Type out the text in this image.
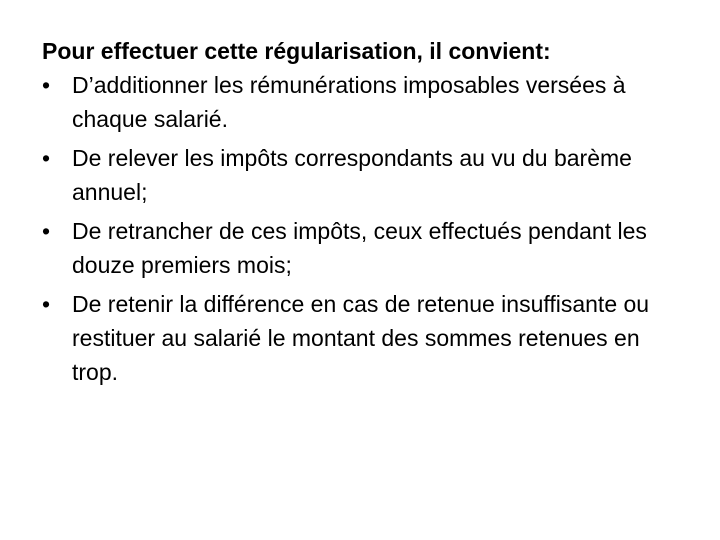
Pour effectuer cette régularisation, il convient:

• D’additionner les rémunérations imposables versées à chaque salarié.
• De relever les impôts correspondants au vu du barème annuel;
• De retrancher de ces impôts, ceux effectués pendant les douze premiers mois;
• De retenir la différence en cas de retenue insuffisante ou restituer au salarié le montant des sommes retenues en trop.
